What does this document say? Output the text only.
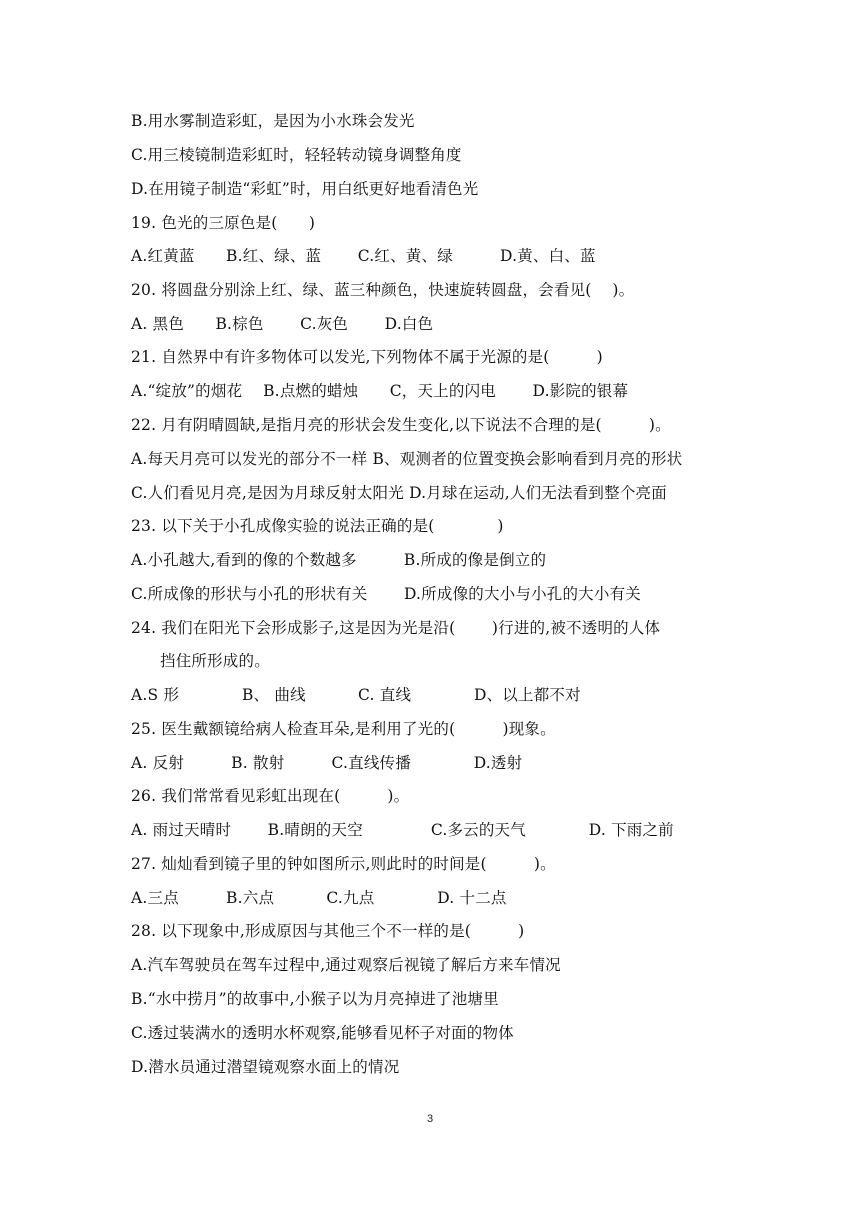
B.用水雾制造彩虹，是因为小水珠会发光
C.用三棱镜制造彩虹时，轻轻转动镜身调整角度
D.在用镜子制造“彩虹”时，用白纸更好地看清色光
19. 色光的三原色是(　　)
A.红黄蓝　　B.红、绿、蓝　　 C.红、黄、绿　　　D.黄、白、蓝
20. 将圆盘分别涂上红、绿、蓝三种颜色，快速旋转圆盘，会看见(　 )。
A. 黑色　　B.棕色　　 C.灰色　　 D.白色
21. 自然界中有许多物体可以发光,下列物体不属于光源的是(　　　)
A.“绽放”的烟花　 B.点燃的蜡烛　　C，天上的闪电　　 D.影院的银幕
22. 月有阴晴圆缺,是指月亮的形状会发生变化,以下说法不合理的是(　　　)。
A.每天月亮可以发光的部分不一样 B、观测者的位置变换会影响看到月亮的形状
C.人们看见月亮,是因为月球反射太阳光 D.月球在运动,人们无法看到整个亮面
23. 以下关于小孔成像实验的说法正确的是(　　　　)
A.小孔越大,看到的像的个数越多　　　B.所成的像是倒立的
C.所成像的形状与小孔的形状有关　　 D.所成像的大小与小孔的大小有关
24. 我们在阳光下会形成影子,这是因为光是沿(　　 )行进的,被不透明的人体
挡住所形成的。
A.S 形　　　　B、 曲线　　　 C. 直线　　　　D、以上都不对
25. 医生戴额镜给病人检查耳朵,是利用了光的(　　　)现象。
A. 反射　　　B. 散射　　　C.直线传播　　　　D.透射
26. 我们常常看见彩虹出现在(　　　)。
A. 雨过天晴时　　 B.晴朗的天空　　　　 C.多云的天气　　　　D. 下雨之前
27. 灿灿看到镜子里的钟如图所示,则此时的时间是(　　　)。
A.三点　　　B.六点　　　 C.九点　　　　D. 十二点
28. 以下现象中,形成原因与其他三个不一样的是(　　　)
A.汽车驾驶员在驾车过程中,通过观察后视镜了解后方来车情况
B.“水中捞月”的故事中,小猴子以为月亮掉进了池塘里
C.透过装满水的透明水杯观察,能够看见杯子对面的物体
D.潜水员通过潜望镜观察水面上的情况
3
